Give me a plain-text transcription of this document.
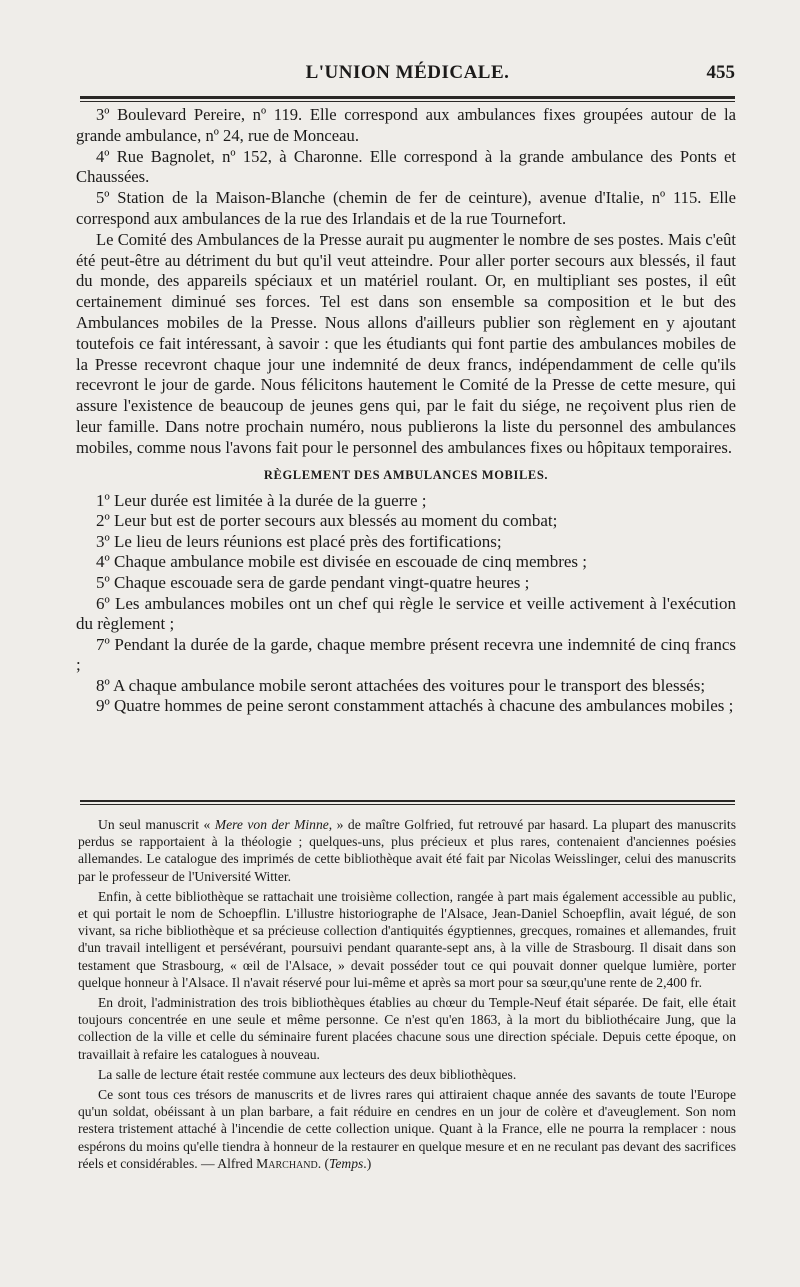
L'UNION MÉDICALE.	455

3º Boulevard Pereire, nº 119. Elle correspond aux ambulances fixes groupées autour de la grande ambulance, nº 24, rue de Monceau.

4º Rue Bagnolet, nº 152, à Charonne. Elle correspond à la grande ambulance des Ponts et Chaussées.

5º Station de la Maison-Blanche (chemin de fer de ceinture), avenue d'Italie, nº 115. Elle correspond aux ambulances de la rue des Irlandais et de la rue Tournefort.

Le Comité des Ambulances de la Presse aurait pu augmenter le nombre de ses postes. Mais c'eût été peut-être au détriment du but qu'il veut atteindre. Pour aller porter secours aux blessés, il faut du monde, des appareils spéciaux et un matériel roulant. Or, en multipliant ses postes, il eût certainement diminué ses forces. Tel est dans son ensemble sa composition et le but des Ambulances mobiles de la Presse. Nous allons d'ailleurs publier son règlement en y ajoutant toutefois ce fait intéressant, à savoir : que les étudiants qui font partie des ambulances mobiles de la Presse recevront chaque jour une indemnité de deux francs, indépendamment de celle qu'ils recevront le jour de garde. Nous félicitons hautement le Comité de la Presse de cette mesure, qui assure l'existence de beaucoup de jeunes gens qui, par le fait du siége, ne reçoivent plus rien de leur famille. Dans notre prochain numéro, nous publierons la liste du personnel des ambulances mobiles, comme nous l'avons fait pour le personnel des ambulances fixes ou hôpitaux temporaires.

RÈGLEMENT DES AMBULANCES MOBILES.

1º Leur durée est limitée à la durée de la guerre ;

2º Leur but est de porter secours aux blessés au moment du combat;

3º Le lieu de leurs réunions est placé près des fortifications;

4º Chaque ambulance mobile est divisée en escouade de cinq membres ;

5º Chaque escouade sera de garde pendant vingt-quatre heures ;

6º Les ambulances mobiles ont un chef qui règle le service et veille activement à l'exécution du règlement ;

7º Pendant la durée de la garde, chaque membre présent recevra une indemnité de cinq francs ;

8º A chaque ambulance mobile seront attachées des voitures pour le transport des blessés;

9º Quatre hommes de peine seront constamment attachés à chacune des ambulances mobiles ;

Un seul manuscrit « Mere von der Minne, » de maître Golfried, fut retrouvé par hasard. La plupart des manuscrits perdus se rapportaient à la théologie ; quelques-uns, plus précieux et plus rares, contenaient d'anciennes poésies allemandes. Le catalogue des imprimés de cette bibliothèque avait été fait par Nicolas Weisslinger, celui des manuscrits par le professeur de l'Université Witter.

Enfin, à cette bibliothèque se rattachait une troisième collection, rangée à part mais également accessible au public, et qui portait le nom de Schoepflin. L'illustre historiographe de l'Alsace, Jean-Daniel Schoepflin, avait légué, de son vivant, sa riche bibliothèque et sa précieuse collection d'antiquités égyptiennes, grecques, romaines et allemandes, fruit d'un travail intelligent et persévérant, poursuivi pendant quarante-sept ans, à la ville de Strasbourg. Il disait dans son testament que Strasbourg, « œil de l'Alsace, » devait posséder tout ce qui pouvait donner quelque lumière, porter quelque honneur à l'Alsace. Il n'avait réservé pour lui-même et après sa mort pour sa sœur,qu'une rente de 2,400 fr.

En droit, l'administration des trois bibliothèques établies au chœur du Temple-Neuf était séparée. De fait, elle était toujours concentrée en une seule et même personne. Ce n'est qu'en 1863, à la mort du bibliothécaire Jung, que la collection de la ville et celle du séminaire furent placées chacune sous une direction spéciale. Depuis cette époque, on travaillait à refaire les catalogues à nouveau.

La salle de lecture était restée commune aux lecteurs des deux bibliothèques.

Ce sont tous ces trésors de manuscrits et de livres rares qui attiraient chaque année des savants de toute l'Europe qu'un soldat, obéissant à un plan barbare, a fait réduire en cendres en un jour de colère et d'aveuglement. Son nom restera tristement attaché à l'incendie de cette collection unique. Quant à la France, elle ne pourra la remplacer : nous espérons du moins qu'elle tiendra à honneur de la restaurer en quelque mesure et en ne reculant pas devant des sacrifices réels et considérables. — Alfred Marchand. (Temps.)
